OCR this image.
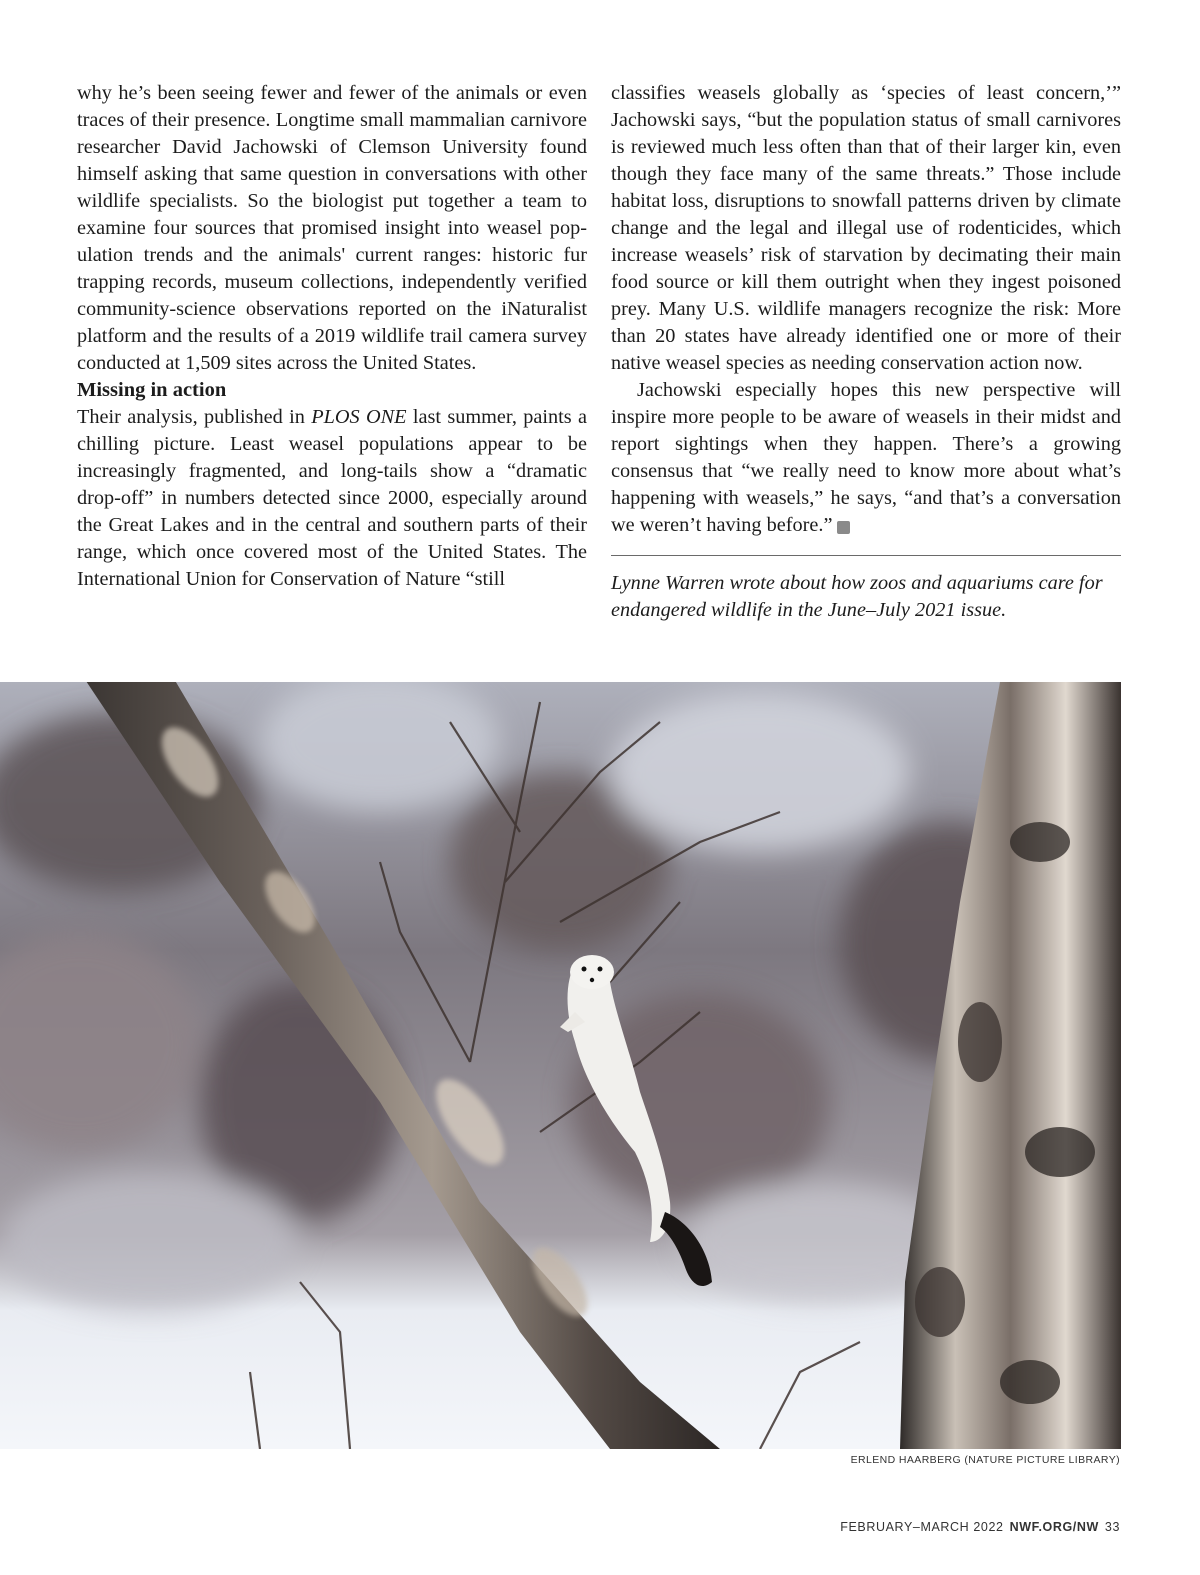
why he’s been seeing fewer and fewer of the animals or even traces of their presence. Longtime small mammalian carnivore researcher David Jachowski of Clemson University found himself asking that same question in conversations with other wildlife specialists. So the biologist put together a team to examine four sources that promised insight into weasel population trends and the animals' current ranges: historic fur trapping records, museum collections, independently verified community-science observations reported on the iNaturalist platform and the results of a 2019 wildlife trail camera survey conducted at 1,509 sites across the United States.

Missing in action

Their analysis, published in PLOS ONE last summer, paints a chilling picture. Least weasel populations appear to be increasingly fragmented, and long-tails show a “dramatic drop-off” in numbers detected since 2000, especially around the Great Lakes and in the central and southern parts of their range, which once covered most of the United States. The International Union for Conservation of Nature “still

classifies weasels globally as ‘species of least concern,’” Jachowski says, “but the population status of small carnivores is reviewed much less often than that of their larger kin, even though they face many of the same threats.” Those include habitat loss, disruptions to snowfall patterns driven by climate change and the legal and illegal use of rodenticides, which increase weasels’ risk of starvation by decimating their main food source or kill them outright when they ingest poisoned prey. Many U.S. wildlife managers recognize the risk: More than 20 states have already identified one or more of their native weasel species as needing conservation action now.

Jachowski especially hopes this new perspective will inspire more people to be aware of weasels in their midst and report sightings when they happen. There’s a growing consensus that “we really need to know more about what’s happening with weasels,” he says, “and that’s a conversation we weren’t having before.”	W

Lynne Warren wrote about how zoos and aquariums care for endangered wildlife in the June–July 2021 issue.

ERLEND HAARBERG (NATURE PICTURE LIBRARY)
FEBRUARY–MARCH 2022 NWF.ORG/NW 33
